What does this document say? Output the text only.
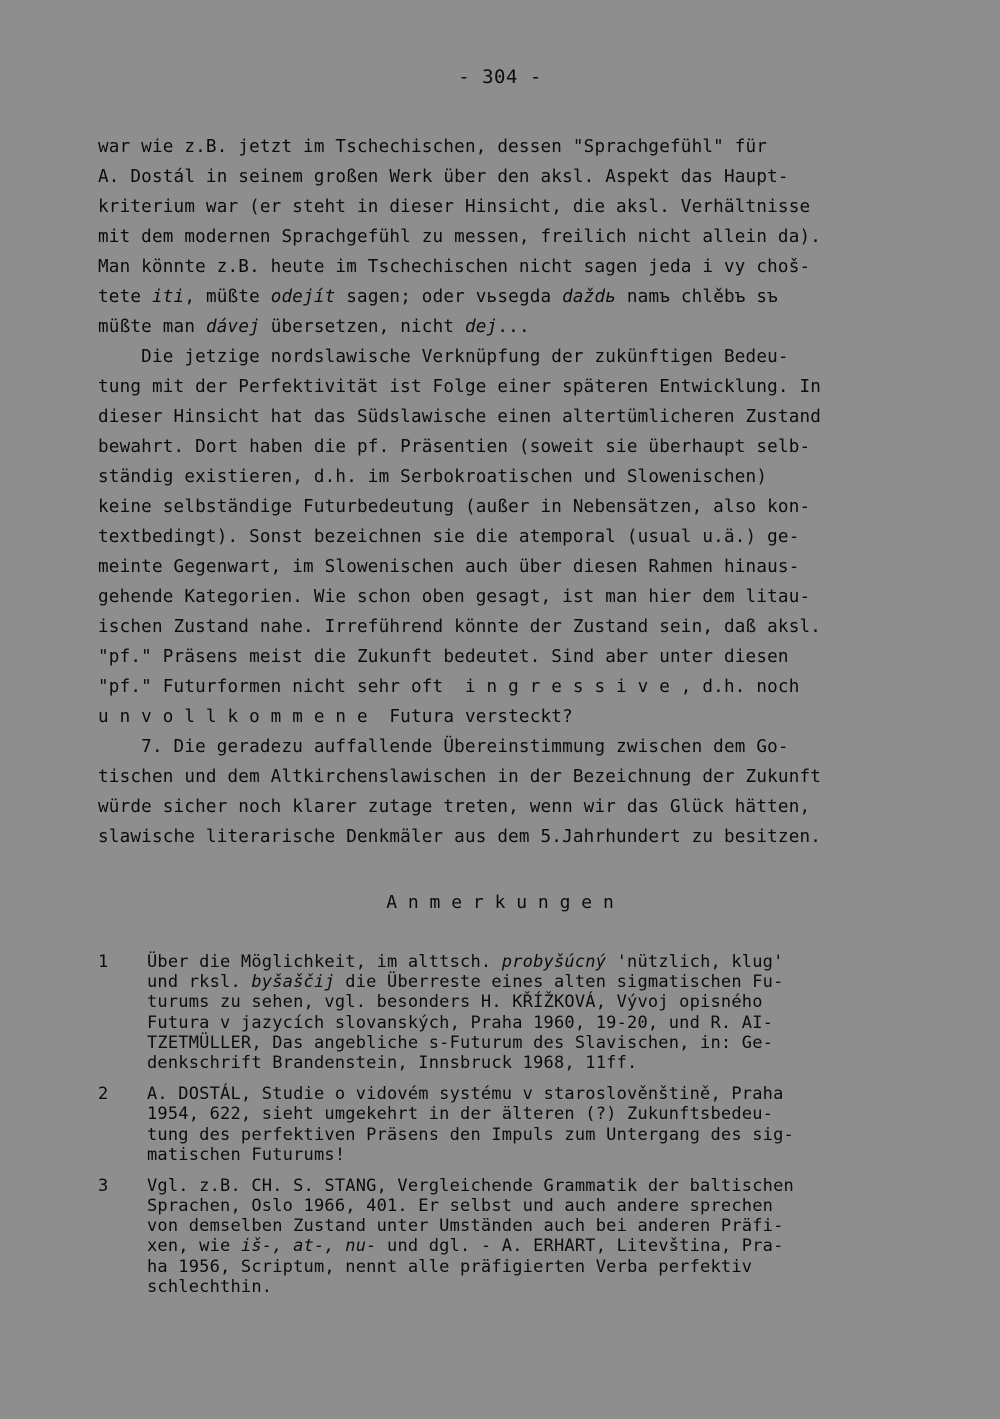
- 304 -
war wie z.B. jetzt im Tschechischen, dessen "Sprachgefühl" für
A. Dostál in seinem großen Werk über den aksl. Aspekt das Haupt-
kriterium war (er steht in dieser Hinsicht, die aksl. Verhältnisse
mit dem modernen Sprachgefühl zu messen, freilich nicht allein da).
Man könnte z.B. heute im Tschechischen nicht sagen jeda i vy choš-
tete iti, müßte odejít sagen; oder vьsegda daždь namъ chlěbъ sъ
müßte man dávej übersetzen, nicht dej...
Die jetzige nordslawische Verknüpfung der zukünftigen Bedeu-
tung mit der Perfektivität ist Folge einer späteren Entwicklung. In
dieser Hinsicht hat das Südslawische einen altertümlicheren Zustand
bewahrt. Dort haben die pf. Präsentien (soweit sie überhaupt selb-
ständig existieren, d.h. im Serbokroatischen und Slowenischen)
keine selbständige Futurbedeutung (außer in Nebensätzen, also kon-
textbedingt). Sonst bezeichnen sie die atemporal (usual u.ä.) ge-
meinte Gegenwart, im Slowenischen auch über diesen Rahmen hinaus-
gehende Kategorien. Wie schon oben gesagt, ist man hier dem litau-
ischen Zustand nahe. Irreführend könnte der Zustand sein, daß aksl.
"pf." Präsens meist die Zukunft bedeutet. Sind aber unter diesen
"pf." Futurformen nicht sehr oft  i n g r e s s i v e , d.h. noch
u n v o l l k o m m e n e  Futura versteckt?
7. Die geradezu auffallende Übereinstimmung zwischen dem Go-
tischen und dem Altkirchenslawischen in der Bezeichnung der Zukunft
würde sicher noch klarer zutage treten, wenn wir das Glück hätten,
slawische literarische Denkmäler aus dem 5.Jahrhundert zu besitzen.
A n m e r k u n g e n
1	Über die Möglichkeit, im alttsch. probyšúcný 'nützlich, klug'
und rksl. byšaščij die Überreste eines alten sigmatischen Fu-
turums zu sehen, vgl. besonders H. KŘÍŽKOVÁ, Vývoj opisného
Futura v jazycích slovanských, Praha 1960, 19-20, und R. AI-
TZETMÜLLER, Das angebliche s-Futurum des Slavischen, in: Ge-
denkschrift Brandenstein, Innsbruck 1968, 11ff.
2	A. DOSTÁL, Studie o vidovém systému v staroslověnštině, Praha
1954, 622, sieht umgekehrt in der älteren (?) Zukunftsbedeu-
tung des perfektiven Präsens den Impuls zum Untergang des sig-
matischen Futurums!
3	Vgl. z.B. CH. S. STANG, Vergleichende Grammatik der baltischen
Sprachen, Oslo 1966, 401. Er selbst und auch andere sprechen
von demselben Zustand unter Umständen auch bei anderen Präfi-
xen, wie iš-, at-, nu- und dgl. - A. ERHART, Litevština, Pra-
ha 1956, Scriptum, nennt alle präfigierten Verba perfektiv
schlechthin.
